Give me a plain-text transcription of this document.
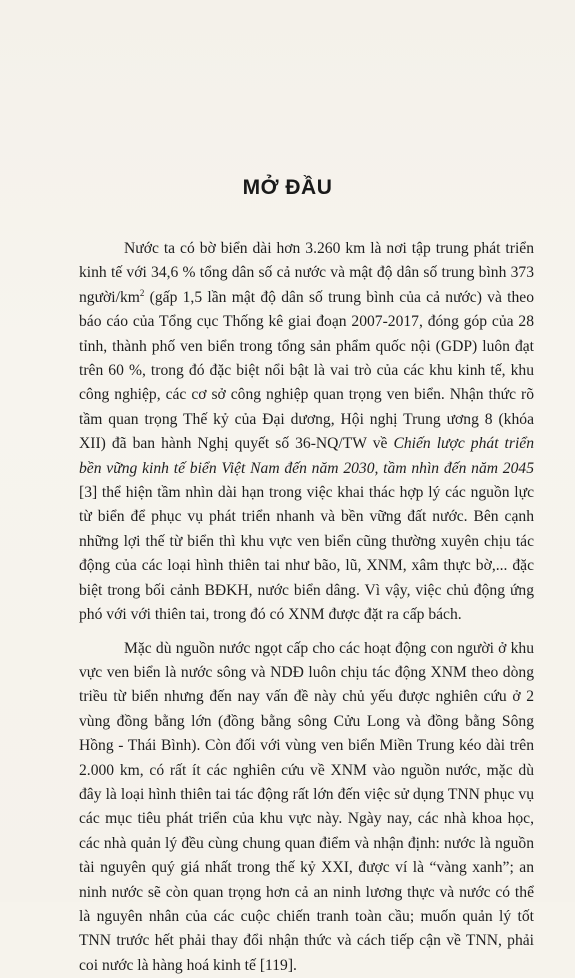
MỞ ĐẦU

Nước ta có bờ biển dài hơn 3.260 km là nơi tập trung phát triển kinh tế với 34,6 % tổng dân số cả nước và mật độ dân số trung bình 373 người/$km^2$ (gấp 1,5 lần mật độ dân số trung bình của cả nước) và theo báo cáo của Tổng cục Thống kê giai đoạn 2007-2017, đóng góp của 28 tỉnh, thành phố ven biển trong tổng sản phẩm quốc nội (GDP) luôn đạt trên 60 %, trong đó đặc biệt nổi bật là vai trò của các khu kinh tế, khu công nghiệp, các cơ sở công nghiệp quan trọng ven biển. Nhận thức rõ tầm quan trọng Thế kỷ của Đại dương, Hội nghị Trung ương 8 (khóa XII) đã ban hành Nghị quyết số 36-NQ/TW về Chiến lược phát triển bền vững kinh tế biển Việt Nam đến năm 2030, tầm nhìn đến năm 2045 [3] thể hiện tầm nhìn dài hạn trong việc khai thác hợp lý các nguồn lực từ biển để phục vụ phát triển nhanh và bền vững đất nước. Bên cạnh những lợi thế từ biển thì khu vực ven biển cũng thường xuyên chịu tác động của các loại hình thiên tai như bão, lũ, XNM, xâm thực bờ,... đặc biệt trong bối cảnh BĐKH, nước biển dâng. Vì vậy, việc chủ động ứng phó với với thiên tai, trong đó có XNM được đặt ra cấp bách.

Mặc dù nguồn nước ngọt cấp cho các hoạt động con người ở khu vực ven biển là nước sông và NDĐ luôn chịu tác động XNM theo dòng triều từ biển nhưng đến nay vấn đề này chủ yếu được nghiên cứu ở 2 vùng đồng bằng lớn (đồng bằng sông Cửu Long và đồng bằng Sông Hồng - Thái Bình). Còn đối với vùng ven biển Miền Trung kéo dài trên 2.000 km, có rất ít các nghiên cứu về XNM vào nguồn nước, mặc dù đây là loại hình thiên tai tác động rất lớn đến việc sử dụng TNN phục vụ các mục tiêu phát triển của khu vực này. Ngày nay, các nhà khoa học, các nhà quản lý đều cùng chung quan điểm và nhận định: nước là nguồn tài nguyên quý giá nhất trong thế kỷ XXI, được ví là “vàng xanh”; an ninh nước sẽ còn quan trọng hơn cả an ninh lương thực và nước có thể là nguyên nhân của các cuộc chiến tranh toàn cầu; muốn quản lý tốt TNN trước hết phải thay đổi nhận thức và cách tiếp cận về TNN, phải coi nước là hàng hoá kinh tế [119].
